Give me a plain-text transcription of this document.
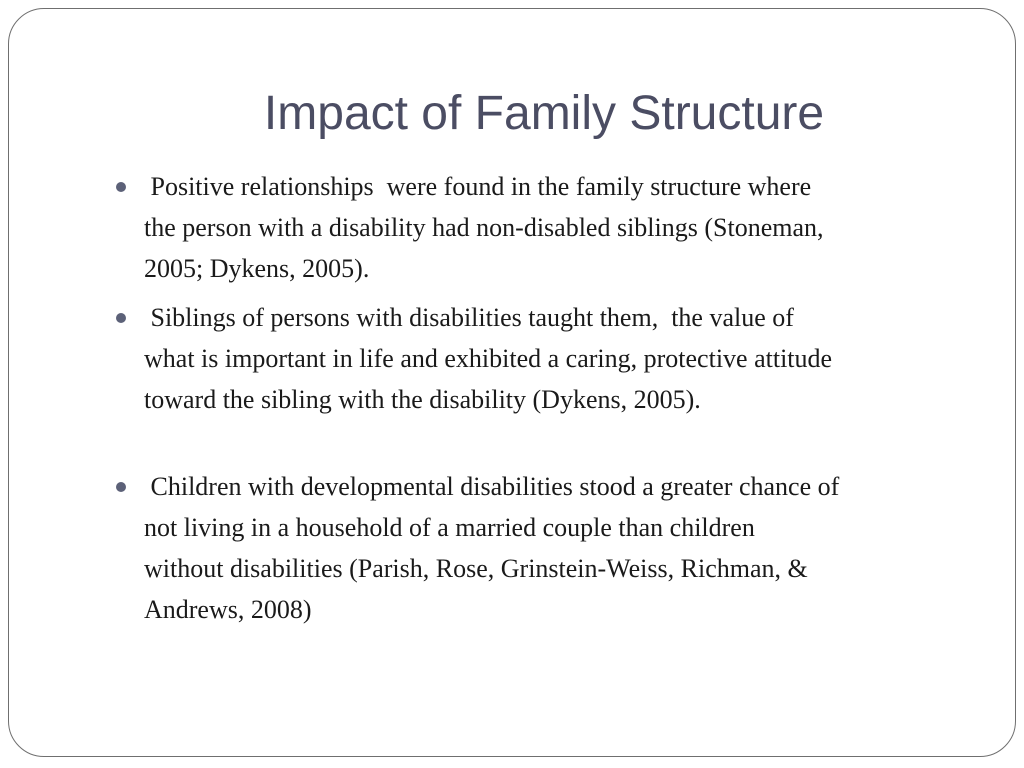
Impact of Family Structure
Positive relationships  were found in the family structure where
the person with a disability had non-disabled siblings (Stoneman,
2005; Dykens, 2005).
Siblings of persons with disabilities taught them,  the value of
what is important in life and exhibited a caring, protective attitude
toward the sibling with the disability (Dykens, 2005).
Children with developmental disabilities stood a greater chance of
not living in a household of a married couple than children
without disabilities (Parish, Rose, Grinstein-Weiss, Richman, &
Andrews, 2008)
